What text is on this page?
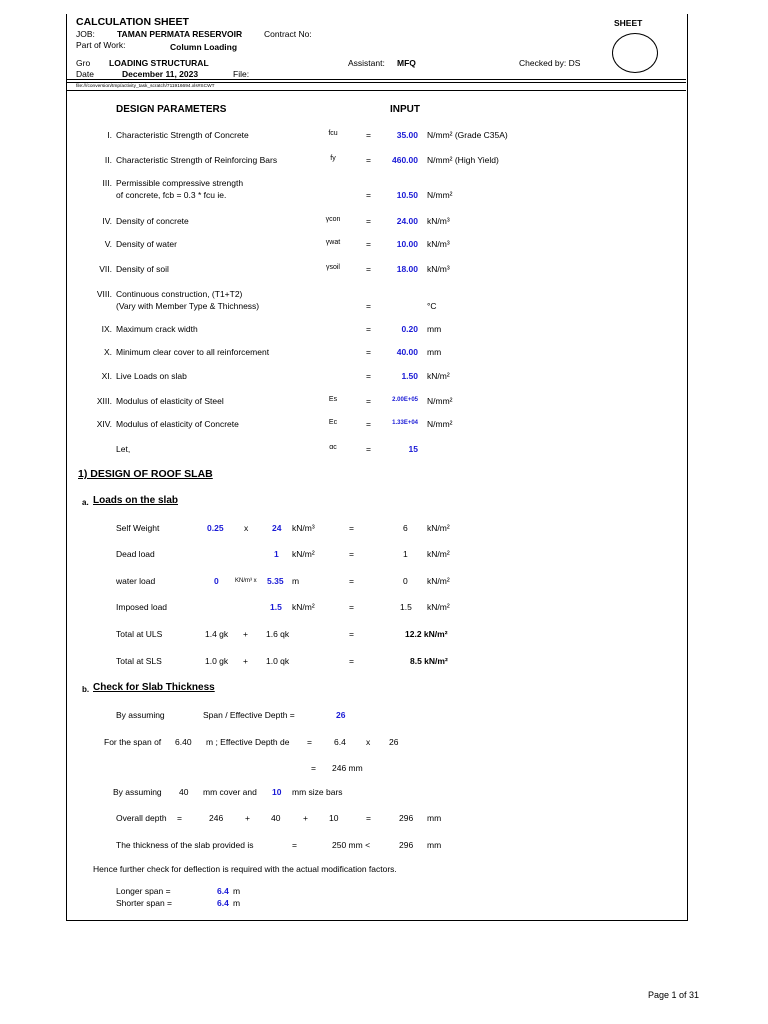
CALCULATION SHEET	SHEET
JOB:	TAMAN PERMATA RESERVOIR	Contract No:
Part of Work:	Column Loading
Gro LOADING STRUCTURAL	Assistant: MFQ	Checked by: DS
Date	December 11, 2023	File:
file:///conversion/tmp/activity_task_scratch/711916694.xls#SCWT
DESIGN PARAMETERS	INPUT
I. Characteristic Strength of Concrete	fcu	=	35.00 N/mm² (Grade C35A)
II. Characteristic Strength of Reinforcing Bars	fy	= 460.00 N/mm² (High Yield)
III. Permissible compressive strength
of concrete, fcb = 0.3 * fcu ie.	=	10.50 N/mm²
IV. Density of concrete	γcon	=	24.00 kN/m³
V. Density of water	γwat	=	10.00 kN/m³
VII. Density of soil	γsoil	=	18.00 kN/m³
VIII. Continuous construction, (T1+T2)
(Vary with Member Type & Thichness)	=	°C
IX. Maximum crack width	=	0.20 mm
X. Minimum clear cover to all reinforcement	=	40.00 mm
XI. Live Loads on slab	=	1.50 kN/m²
XIII. Modulus of elasticity of Steel	Es	=	2.00E+05 N/mm²
XIV. Modulus of elasticity of Concrete	Ec	=	1.33E+04 N/mm²
Let,	αc	=	15
1) DESIGN OF ROOF SLAB
a. Loads on the slab
Self Weight	0.25 x	24 kN/m³	=	6 kN/m²
Dead load	1 kN/m²	=	1 kN/m²
water load	0	KN/m³ x 5.35 m	=	0 kN/m²
Imposed load	1.5 kN/m²	=	1.5 kN/m²
Total at ULS	1.4 gk + 1.6 qk	=	12.2 kN/m²
Total at SLS	1.0 gk + 1.0 qk	=	8.5 kN/m²
b. Check for Slab Thickness
By assuming	Span / Effective Depth =	26
For the span of 6.40 m ; Effective Depth de =	6.4 x 26
= 246 mm
By assuming 40 mm cover and 10 mm size bars
Overall depth =	246	+ 40	+ 10	=	296 mm
The thickness of the slab provided is	=	250 mm <	296 mm
Hence further check for deflection is required with the actual modification factors.
Longer span =	6.4 m
Shorter span =	6.4 m
Page 1 of 31
